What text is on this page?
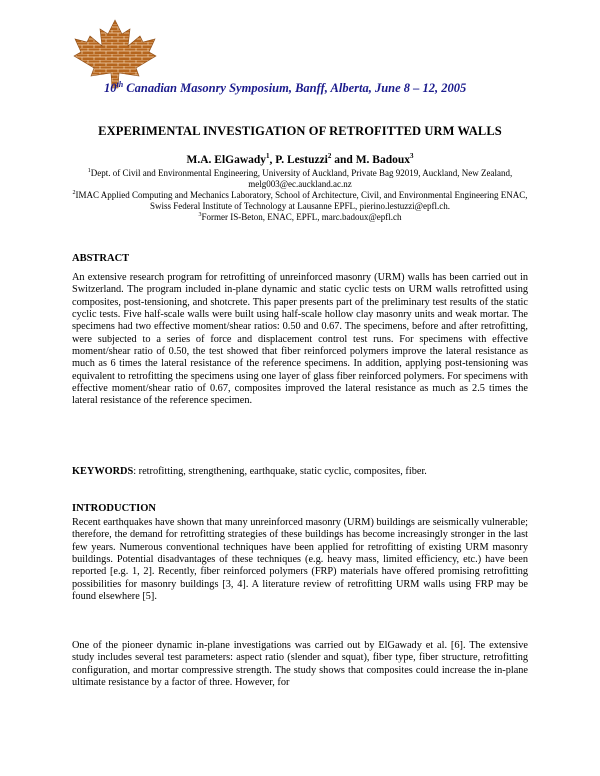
10th Canadian Masonry Symposium, Banff, Alberta, June 8 – 12, 2005
EXPERIMENTAL INVESTIGATION OF RETROFITTED URM WALLS
M.A. ElGawady$^1$, P. Lestuzzi$^2$ and M. Badoux$^3$
$^1$Dept. of Civil and Environmental Engineering, University of Auckland, Private Bag 92019, Auckland, New Zealand, melg003@ec.auckland.ac.nz
$^2$IMAC Applied Computing and Mechanics Laboratory, School of Architecture, Civil, and Environmental Engineering ENAC, Swiss Federal Institute of Technology at Lausanne EPFL, pierino.lestuzzi@epfl.ch.
$^3$Former IS-Beton, ENAC, EPFL, marc.badoux@epfl.ch
ABSTRACT
An extensive research program for retrofitting of unreinforced masonry (URM) walls has been carried out in Switzerland. The program included in-plane dynamic and static cyclic tests on URM walls retrofitted using composites, post-tensioning, and shotcrete. This paper presents part of the preliminary test results of the static cyclic tests. Five half-scale walls were built using half-scale hollow clay masonry units and weak mortar. The specimens had two effective moment/shear ratios: 0.50 and 0.67. The specimens, before and after retrofitting, were subjected to a series of force and displacement control test runs. For specimens with effective moment/shear ratio of 0.50, the test showed that fiber reinforced polymers improve the lateral resistance as much as 6 times the lateral resistance of the reference specimens. In addition, applying post-tensioning was equivalent to retrofitting the specimens using one layer of glass fiber reinforced polymers. For specimens with effective moment/shear ratio of 0.67, composites improved the lateral resistance as much as 2.5 times the lateral resistance of the reference specimen.
KEYWORDS: retrofitting, strengthening, earthquake, static cyclic, composites, fiber.
INTRODUCTION
Recent earthquakes have shown that many unreinforced masonry (URM) buildings are seismically vulnerable; therefore, the demand for retrofitting strategies of these buildings has become increasingly stronger in the last few years. Numerous conventional techniques have been applied for retrofitting of existing URM masonry buildings. Potential disadvantages of these techniques (e.g. heavy mass, limited efficiency, etc.) have been reported [e.g. 1, 2]. Recently, fiber reinforced polymers (FRP) materials have offered promising retrofitting possibilities for masonry buildings [3, 4]. A literature review of retrofitting URM walls using FRP may be found elsewhere [5].
One of the pioneer dynamic in-plane investigations was carried out by ElGawady et al. [6]. The extensive study includes several test parameters: aspect ratio (slender and squat), fiber type, fiber structure, retrofitting configuration, and mortar compressive strength. The study shows that composites could increase the in-plane ultimate resistance by a factor of three. However, for
